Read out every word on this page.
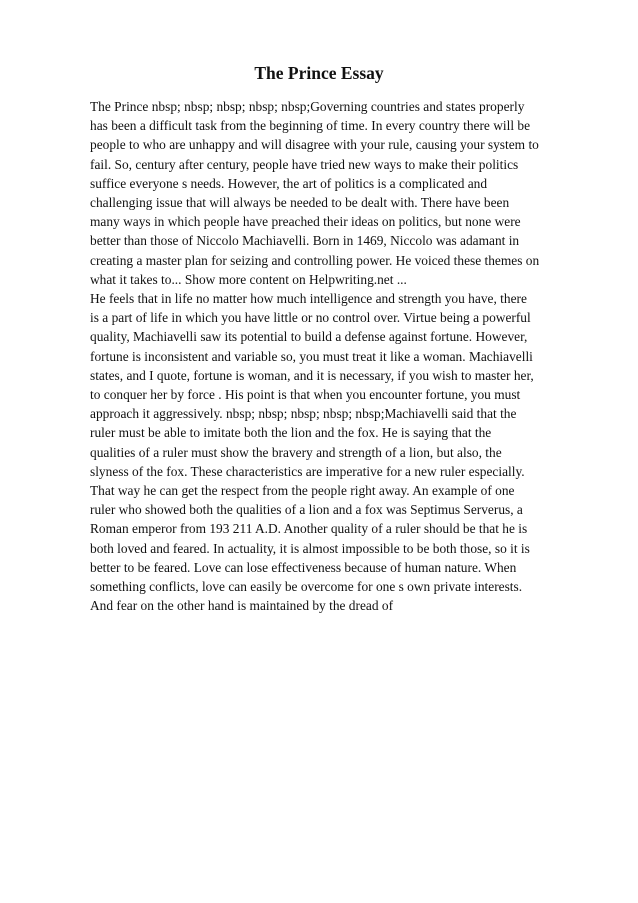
The Prince Essay
The Prince nbsp; nbsp; nbsp; nbsp; nbsp;Governing countries and states properly
has been a difficult task from the beginning of time. In every country there will be
people to who are unhappy and will disagree with your rule, causing your system to
fail. So, century after century, people have tried new ways to make their politics
suffice everyone s needs. However, the art of politics is a complicated and
challenging issue that will always be needed to be dealt with. There have been
many ways in which people have preached their ideas on politics, but none were
better than those of Niccolo Machiavelli. Born in 1469, Niccolo was adamant in
creating a master plan for seizing and controlling power. He voiced these themes on
what it takes to... Show more content on Helpwriting.net ...
He feels that in life no matter how much intelligence and strength you have, there
is a part of life in which you have little or no control over. Virtue being a powerful
quality, Machiavelli saw its potential to build a defense against fortune. However,
fortune is inconsistent and variable so, you must treat it like a woman. Machiavelli
states, and I quote, fortune is woman, and it is necessary, if you wish to master her,
to conquer her by force . His point is that when you encounter fortune, you must
approach it aggressively. nbsp; nbsp; nbsp; nbsp; nbsp;Machiavelli said that the
ruler must be able to imitate both the lion and the fox. He is saying that the
qualities of a ruler must show the bravery and strength of a lion, but also, the
slyness of the fox. These characteristics are imperative for a new ruler especially.
That way he can get the respect from the people right away. An example of one
ruler who showed both the qualities of a lion and a fox was Septimus Serverus, a
Roman emperor from 193 211 A.D. Another quality of a ruler should be that he is
both loved and feared. In actuality, it is almost impossible to be both those, so it is
better to be feared. Love can lose effectiveness because of human nature. When
something conflicts, love can easily be overcome for one s own private interests.
And fear on the other hand is maintained by the dread of
